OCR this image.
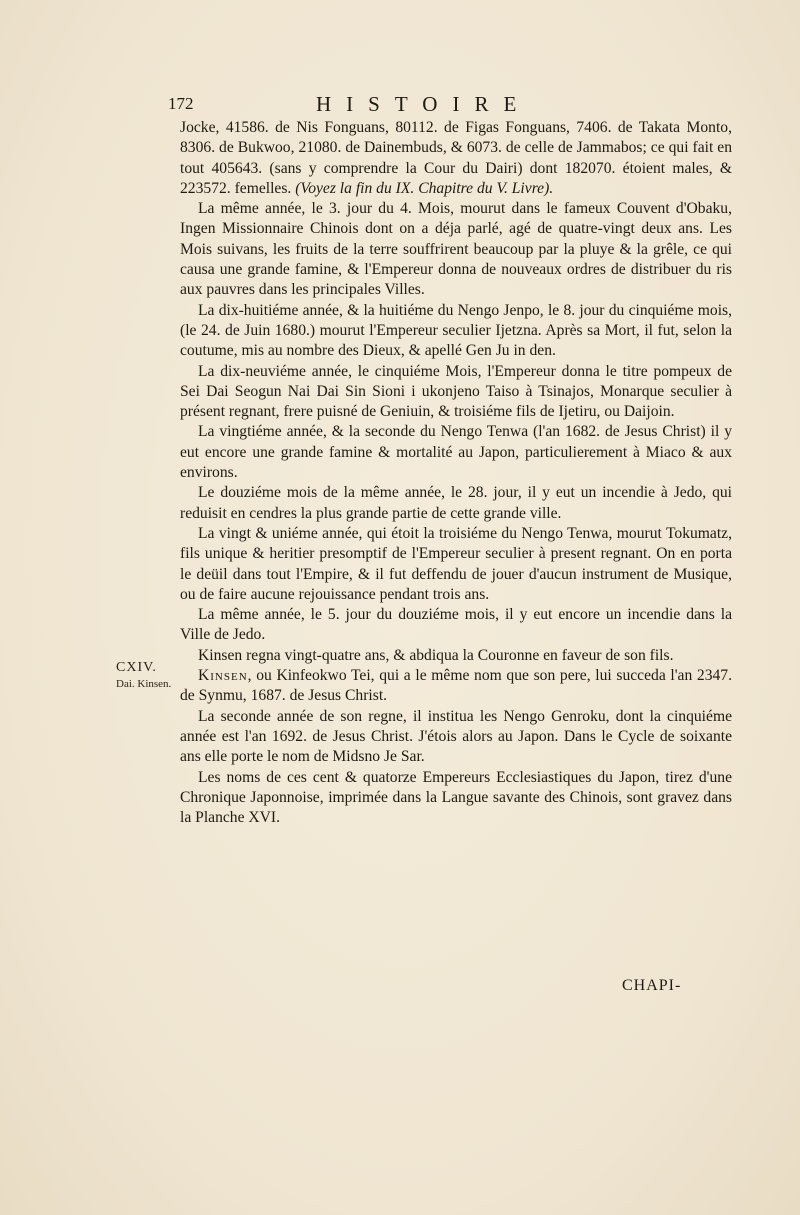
172	HISTOIRE

Jocke, 41586. de Nis Fonguans, 80112. de Figas Fonguans, 7406. de Takata Monto, 8306. de Bukwoo, 21080. de Dainembuds, & 6073. de celle de Jammabos; ce qui fait en tout 405643. (sans y comprendre la Cour du Dairi) dont 182070. étoient males, & 223572. femelles. (Voyez la fin du IX. Chapitre du V. Livre).

La même année, le 3. jour du 4. Mois, mourut dans le fameux Couvent d'Obaku, Ingen Missionnaire Chinois dont on a déja parlé, agé de quatre-vingt deux ans. Les Mois suivans, les fruits de la terre souffrirent beaucoup par la pluye & la grêle, ce qui causa une grande famine, & l'Empereur donna de nouveaux ordres de distribuer du ris aux pauvres dans les principales Villes.

La dix-huitiéme année, & la huitiéme du Nengo Jenpo, le 8. jour du cinquiéme mois, (le 24. de Juin 1680.) mourut l'Empereur seculier Ijetzna. Après sa Mort, il fut, selon la coutume, mis au nombre des Dieux, & apellé Gen Ju in den.

La dix-neuviéme année, le cinquiéme Mois, l'Empereur donna le titre pompeux de Sei Dai Seogun Nai Dai Sin Sioni i ukonjeno Taiso à Tsinajos, Monarque seculier à présent regnant, frere puisné de Geniuin, & troisiéme fils de Ijetiru, ou Daijoin.

La vingtiéme année, & la seconde du Nengo Tenwa (l'an 1682. de Jesus Christ) il y eut encore une grande famine & mortalité au Japon, particulierement à Miaco & aux environs.

Le douziéme mois de la même année, le 28. jour, il y eut un incendie à Jedo, qui reduisit en cendres la plus grande partie de cette grande ville.

La vingt & uniéme année, qui étoit la troisiéme du Nengo Tenwa, mourut Tokumatz, fils unique & heritier presomptif de l'Empereur seculier à present regnant. On en porta le deüil dans tout l'Empire, & il fut deffendu de jouer d'aucun instrument de Musique, ou de faire aucune rejouissance pendant trois ans.

La même année, le 5. jour du douziéme mois, il y eut encore un incendie dans la Ville de Jedo.

Kinsen regna vingt-quatre ans, & abdiqua la Couronne en faveur de son fils.

Kinsen, ou Kinfeokwo Tei, qui a le même nom que son pere, lui succeda l'an 2347. de Synmu, 1687. de Jesus Christ.

La seconde année de son regne, il institua les Nengo Genroku, dont la cinquiéme année est l'an 1692. de Jesus Christ. J'étois alors au Japon. Dans le Cycle de soixante ans elle porte le nom de Midsno Je Sar.

Les noms de ces cent & quatorze Empereurs Ecclesiastiques du Japon, tirez d'une Chronique Japonnoise, imprimée dans la Langue savante des Chinois, sont gravez dans la Planche XVI.

CXIV.
Dai. Kinsen.
CHAPI-
